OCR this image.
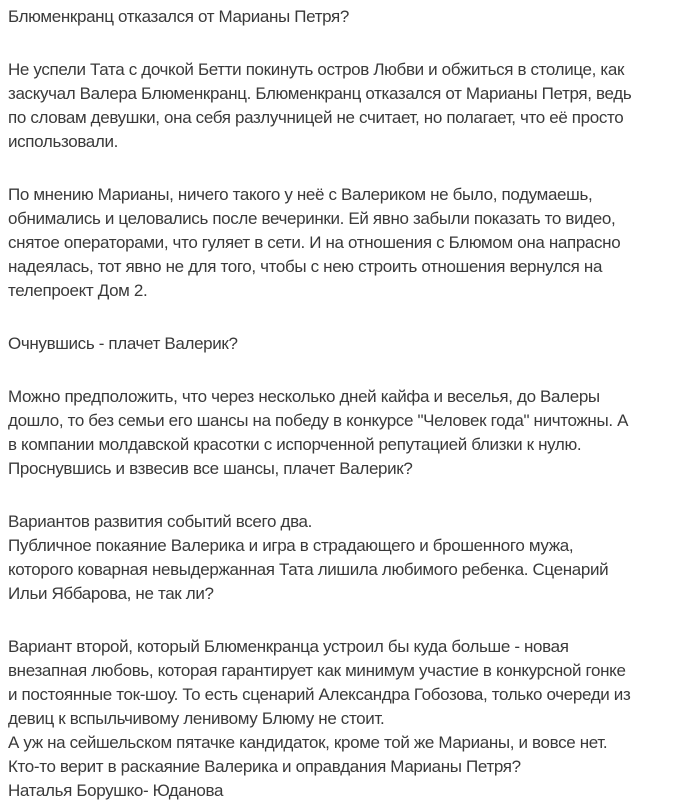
Блюменкранц отказался от Марианы Петря?

Не успели Тата с дочкой Бетти покинуть остров Любви и обжиться в столице, как
заскучал Валера Блюменкранц. Блюменкранц отказался от Марианы Петря, ведь
по словам девушки, она себя разлучницей не считает, но полагает, что её просто
использовали.

По мнению Марианы, ничего такого у неё с Валериком не было, подумаешь,
обнимались и целовались после вечеринки. Ей явно забыли показать то видео,
снятое операторами, что гуляет в сети. И на отношения с Блюмом она напрасно
надеялась, тот явно не для того, чтобы с нею строить отношения вернулся на
телепроект Дом 2.

Очнувшись - плачет Валерик?

Можно предположить, что через несколько дней кайфа и веселья, до Валеры
дошло, то без семьи его шансы на победу в конкурсе "Человек года" ничтожны. А
в компании молдавской красотки с испорченной репутацией близки к нулю.
Проснувшись и взвесив все шансы, плачет Валерик?

Вариантов развития событий всего два.
Публичное покаяние Валерика и игра в страдающего и брошенного мужа,
которого коварная невыдержанная Тата лишила любимого ребенка. Сценарий
Ильи Яббарова, не так ли?

Вариант второй, который Блюменкранца устроил бы куда больше - новая
внезапная любовь, которая гарантирует как минимум участие в конкурсной гонке
и постоянные ток-шоу. То есть сценарий Александра Гобозова, только очереди из
девиц к вспыльчивому ленивому Блюму не стоит.
А уж на сейшельском пятачке кандидаток, кроме той же Марианы, и вовсе нет.
Кто-то верит в раскаяние Валерика и оправдания Марианы Петря?
Наталья Борушко- Юданова
